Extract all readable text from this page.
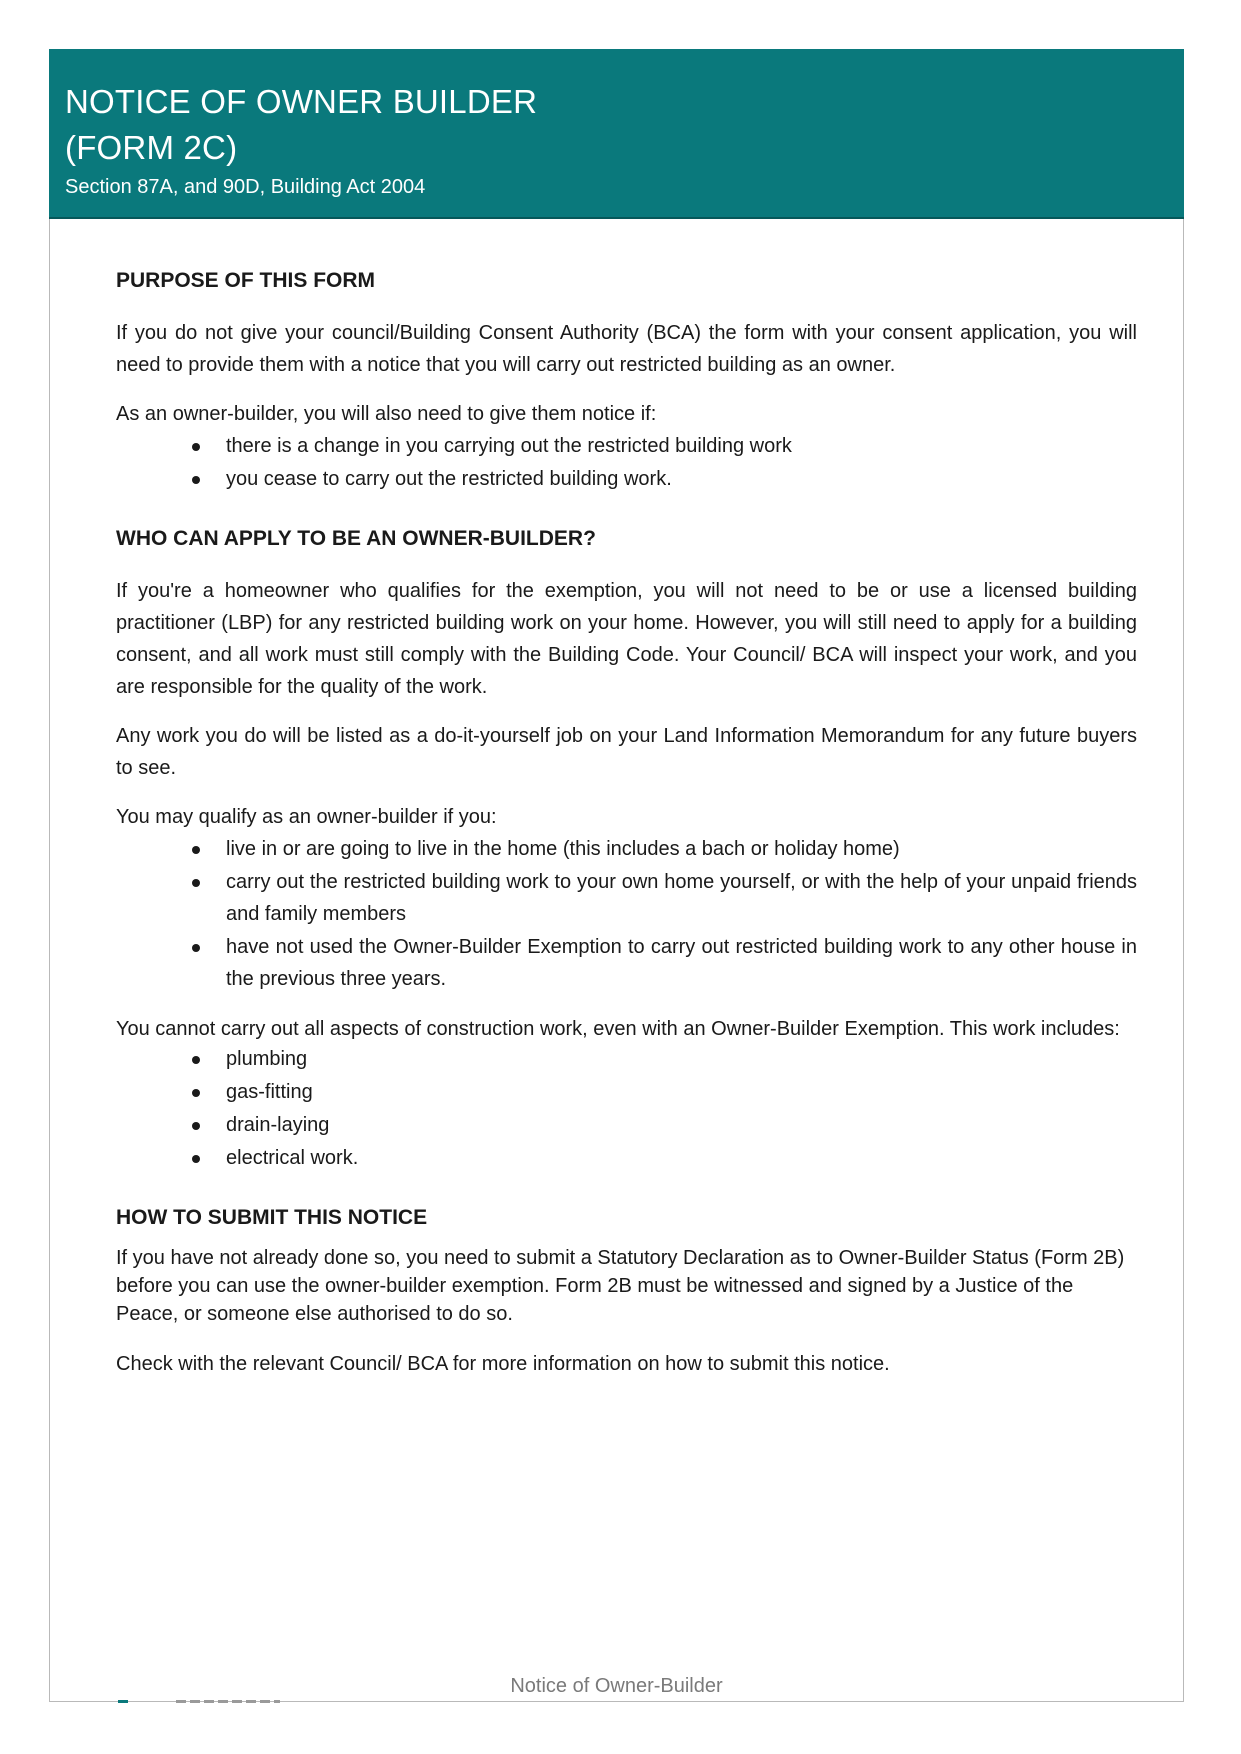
NOTICE OF OWNER BUILDER
(FORM 2C)
Section 87A, and 90D, Building Act 2004
PURPOSE OF THIS FORM

If you do not give your council/Building Consent Authority (BCA) the form with your consent application, you will need to provide them with a notice that you will carry out restricted building as an owner.

As an owner-builder, you will also need to give them notice if:

there is a change in you carrying out the restricted building work
you cease to carry out the restricted building work.
WHO CAN APPLY TO BE AN OWNER-BUILDER?

If you're a homeowner who qualifies for the exemption, you will not need to be or use a licensed building practitioner (LBP) for any restricted building work on your home. However, you will still need to apply for a building consent, and all work must still comply with the Building Code. Your Council/ BCA will inspect your work, and you are responsible for the quality of the work.

Any work you do will be listed as a do-it-yourself job on your Land Information Memorandum for any future buyers to see.

You may qualify as an owner-builder if you:

live in or are going to live in the home (this includes a bach or holiday home)
carry out the restricted building work to your own home yourself, or with the help of your unpaid friends and family members
have not used the Owner-Builder Exemption to carry out restricted building work to any other house in the previous three years.

You cannot carry out all aspects of construction work, even with an Owner-Builder Exemption. This work includes:

plumbing
gas-fitting
drain-laying
electrical work.
HOW TO SUBMIT THIS NOTICE

If you have not already done so, you need to submit a Statutory Declaration as to Owner-Builder Status (Form 2B) before you can use the owner-builder exemption. Form 2B must be witnessed and signed by a Justice of the Peace, or someone else authorised to do so.

Check with the relevant Council/ BCA for more information on how to submit this notice.

Notice of Owner-Builder
